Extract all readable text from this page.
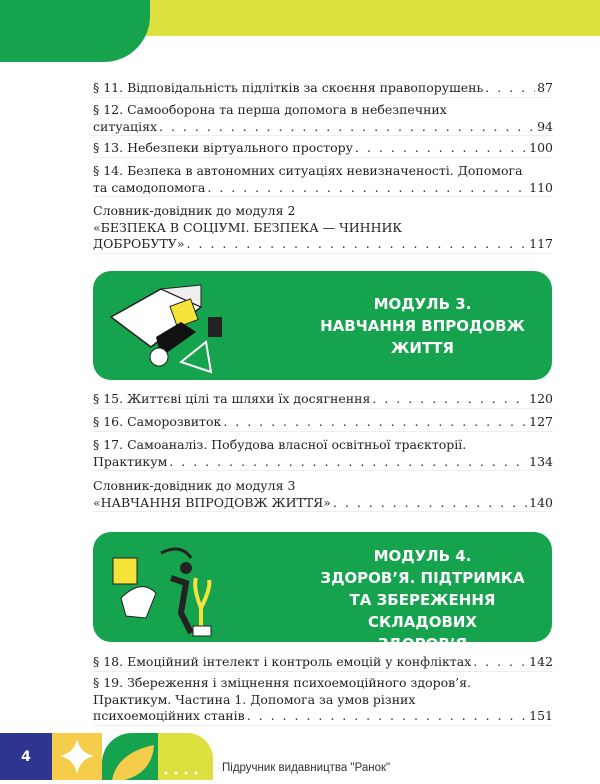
§ 11. Відповідальність підлітків за скоєння правопорушень . . .	87
§ 12. Самооборона та перша допомога в небезпечних
ситуаціях . . .	94
§ 13. Небезпеки віртуального простору . . .	100
§ 14. Безпека в автономних ситуаціях невизначеності. Допомога
та самодопомога . . .	110
Словник-довідник до модуля 2
«БЕЗПЕКА В СОЦІУМІ. БЕЗПЕКА — ЧИННИК
ДОБРОБУТУ» . . .	117
§ 15. Життєві цілі та шляхи їх досягнення . . .	120
§ 16. Саморозвиток . . .	127
§ 17. Самоаналіз. Побудова власної освітньої траєкторії.
Практикум . . .	134
Словник-довідник до модуля 3
«НАВЧАННЯ ВПРОДОВЖ ЖИТТЯ» . . .	140
§ 18. Емоційний інтелект і контроль емоцій у конфліктах . . .	142
§ 19. Збереження і зміцнення психоемоційного здоров’я.
Практикум. Частина 1. Допомога за умов різних
психоемоційних станів . . .	151
МОДУЛЬ 3.
НАВЧАННЯ ВПРОДОВЖ
ЖИТТЯ
МОДУЛЬ 4.
ЗДОРОВ’Я. ПІДТРИМКА
ТА ЗБЕРЕЖЕННЯ СКЛАДОВИХ
ЗДОРОВ’Я
4
Підручник видавництва "Ранок"
